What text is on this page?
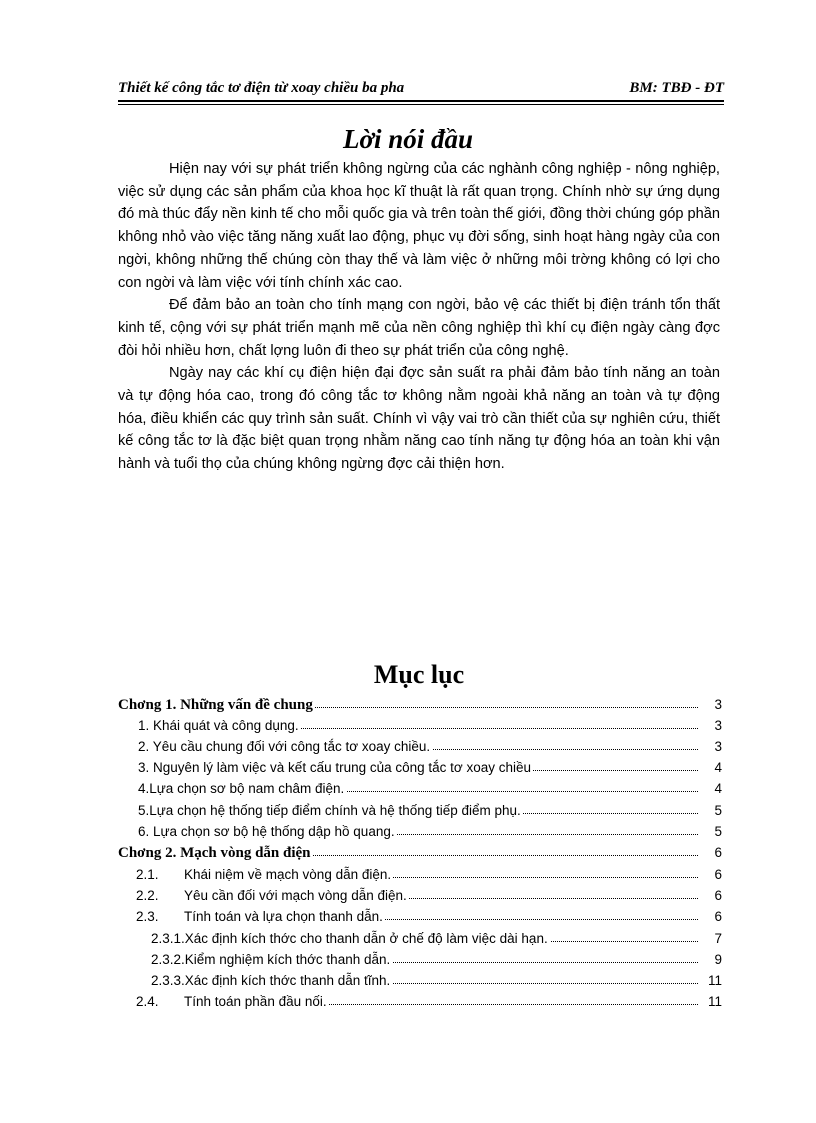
Thiết kế công tắc tơ điện từ xoay chiều ba pha	BM: TBĐ - ĐT
Lời nói đầu

Hiện nay với sự phát triển không ngừng của các nghành công nghiệp - nông nghiệp, việc sử dụng các sản phẩm của khoa học kĩ thuật là rất quan trọng. Chính nhờ sự ứng dụng đó mà thúc đẩy nền kinh tế cho mỗi quốc gia và trên toàn thế giới, đồng thời chúng góp phần không nhỏ vào việc tăng năng xuất lao động, phục vụ đời sống, sinh hoạt hàng ngày của con ngời, không những thế chúng còn thay thế và làm việc ở những môi trờng không có lợi cho con ngời và làm việc với tính chính xác cao.

Để đảm bảo an toàn cho tính mạng con ngời, bảo vệ các thiết bị điện tránh tổn thất kinh tế, cộng với sự phát triển mạnh mẽ của nền công nghiệp thì khí cụ điện ngày càng đợc đòi hỏi nhiều hơn, chất lợng luôn đi theo sự phát triển của công nghệ.

Ngày nay các khí cụ điện hiện đại đợc sản suất ra phải đảm bảo tính năng an toàn và tự động hóa cao, trong đó công tắc tơ không nằm ngoài khả năng an toàn và tự động hóa, điều khiển các quy trình sản suất. Chính vì vậy vai trò cần thiết của sự nghiên cứu, thiết kế công tắc tơ là đặc biệt quan trọng nhằm năng cao tính năng tự động hóa an toàn khi vận hành và tuổi thọ của chúng không ngừng đợc cải thiện hơn.

Mục lục
Chơng 1. Những vấn đề chung	3
1. Khái quát và công dụng.	3
2. Yêu cầu chung đối với công tắc tơ xoay chiều.	3
3. Nguyên lý làm việc và kết cấu trung của công tắc tơ xoay chiều	4
4.Lựa chọn sơ bộ nam châm điện.	4
5.Lựa chọn hệ thống tiếp điểm chính và hệ thống tiếp điểm phụ.	5
6. Lựa chọn sơ bộ hệ thống dập hồ quang.	5
Chơng 2. Mạch vòng dẫn điện	6
2.1. Khái niệm về mạch vòng dẫn điện.	6
2.2. Yêu cần đối với mạch vòng dẫn điện.	6
2.3. Tính toán và lựa chọn thanh dẫn.	6
2.3.1.Xác định kích thớc cho thanh dẫn ở chế độ làm việc dài hạn.	7
2.3.2.Kiểm nghiệm kích thớc thanh dẫn.	9
2.3.3.Xác định kích thớc thanh dẫn tĩnh.	11
2.4. Tính toán phần đầu nối.	11
